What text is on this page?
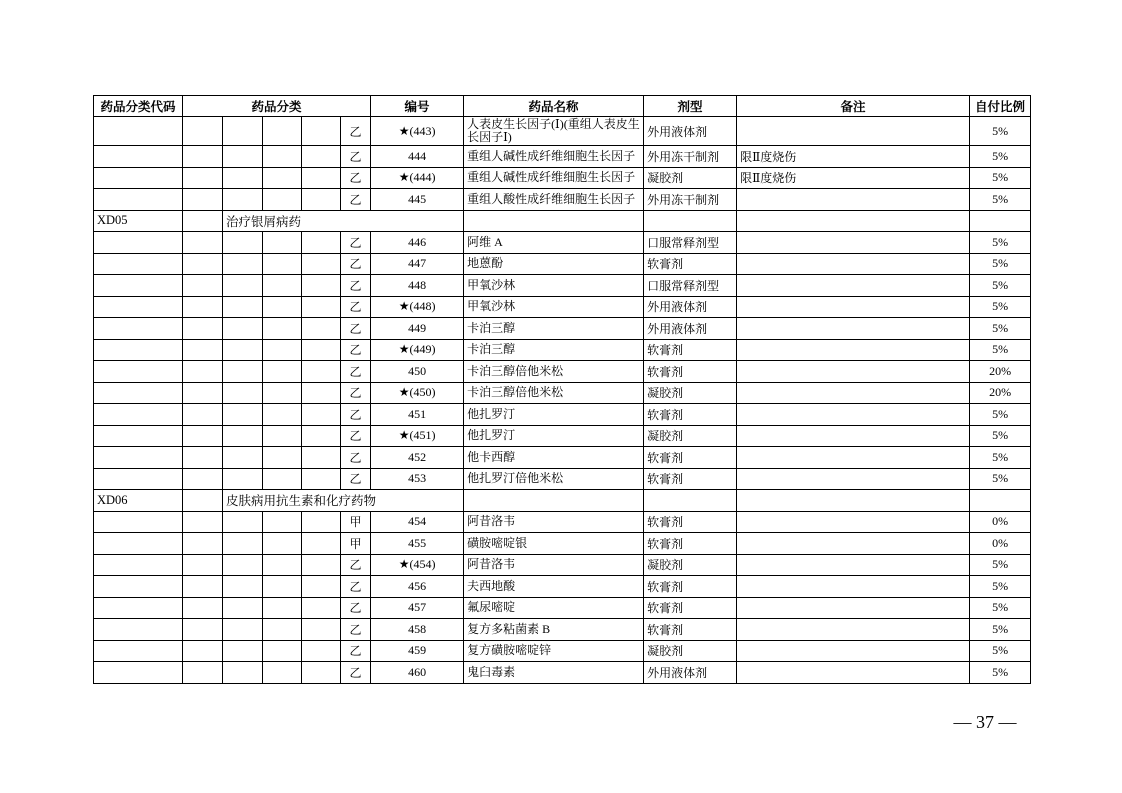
药品分类代码	药品分类					编号	药品名称	剂型	备注	自付比例
					乙	★(443)	人表皮生长因子(Ⅰ)(重组人表皮生长因子Ⅰ)	外用液体剂		5%
					乙	444	重组人碱性成纤维细胞生长因子	外用冻干制剂	限Ⅱ度烧伤	5%
					乙	★(444)	重组人碱性成纤维细胞生长因子	凝胶剂	限Ⅱ度烧伤	5%
					乙	445	重组人酸性成纤维细胞生长因子	外用冻干制剂		5%
XD05		治疗银屑病药								
					乙	446	阿维 A	口服常释剂型		5%
					乙	447	地蒽酚	软膏剂		5%
					乙	448	甲氧沙林	口服常释剂型		5%
					乙	★(448)	甲氧沙林	外用液体剂		5%
					乙	449	卡泊三醇	外用液体剂		5%
					乙	★(449)	卡泊三醇	软膏剂		5%
					乙	450	卡泊三醇倍他米松	软膏剂		20%
					乙	★(450)	卡泊三醇倍他米松	凝胶剂		20%
					乙	451	他扎罗汀	软膏剂		5%
					乙	★(451)	他扎罗汀	凝胶剂		5%
					乙	452	他卡西醇	软膏剂		5%
					乙	453	他扎罗汀倍他米松	软膏剂		5%
XD06		皮肤病用抗生素和化疗药物								
					甲	454	阿昔洛韦	软膏剂		0%
					甲	455	磺胺嘧啶银	软膏剂		0%
					乙	★(454)	阿昔洛韦	凝胶剂		5%
					乙	456	夫西地酸	软膏剂		5%
					乙	457	氟尿嘧啶	软膏剂		5%
					乙	458	复方多粘菌素 B	软膏剂		5%
					乙	459	复方磺胺嘧啶锌	凝胶剂		5%
					乙	460	鬼臼毒素	外用液体剂		5%
— 37 —
